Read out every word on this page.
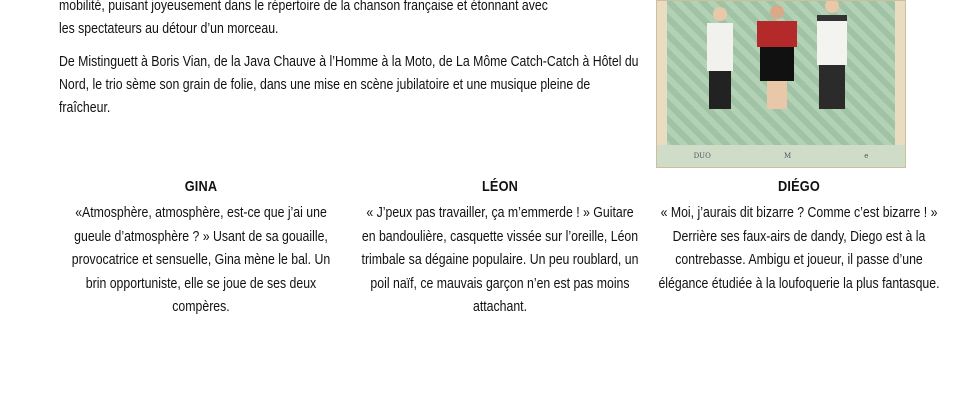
mobilité, puisant joyeusement dans le répertoire de la chanson française et étonnant avec
les spectateurs au détour d’un morceau.

De Mistinguett à Boris Vian, de la Java Chauve à l’Homme à la Moto, de La Môme Catch-Catch à Hôtel du Nord, le trio sème son grain de folie, dans une mise en scène jubilatoire et une musique pleine de fraîcheur.

DUO	M	e
GINA

«Atmosphère, atmosphère, est-ce que j’ai une gueule d’atmosphère ? » Usant de sa gouaille, provocatrice et sensuelle, Gina mène le bal. Un brin opportuniste, elle se joue de ses deux compères.

LÉON

« J’peux pas travailler, ça m’emmerde ! » Guitare en bandoulière, casquette vissée sur l’oreille, Léon trimbale sa dégaine populaire. Un peu roublard, un poil naïf, ce mauvais garçon n’en est pas moins attachant.

DIÉGO

« Moi, j’aurais dit bizarre ? Comme c’est bizarre ! » Derrière ses faux-airs de dandy, Diego est à la contrebasse. Ambigu et joueur, il passe d’une élégance étudiée à la loufoquerie la plus fantasque.
